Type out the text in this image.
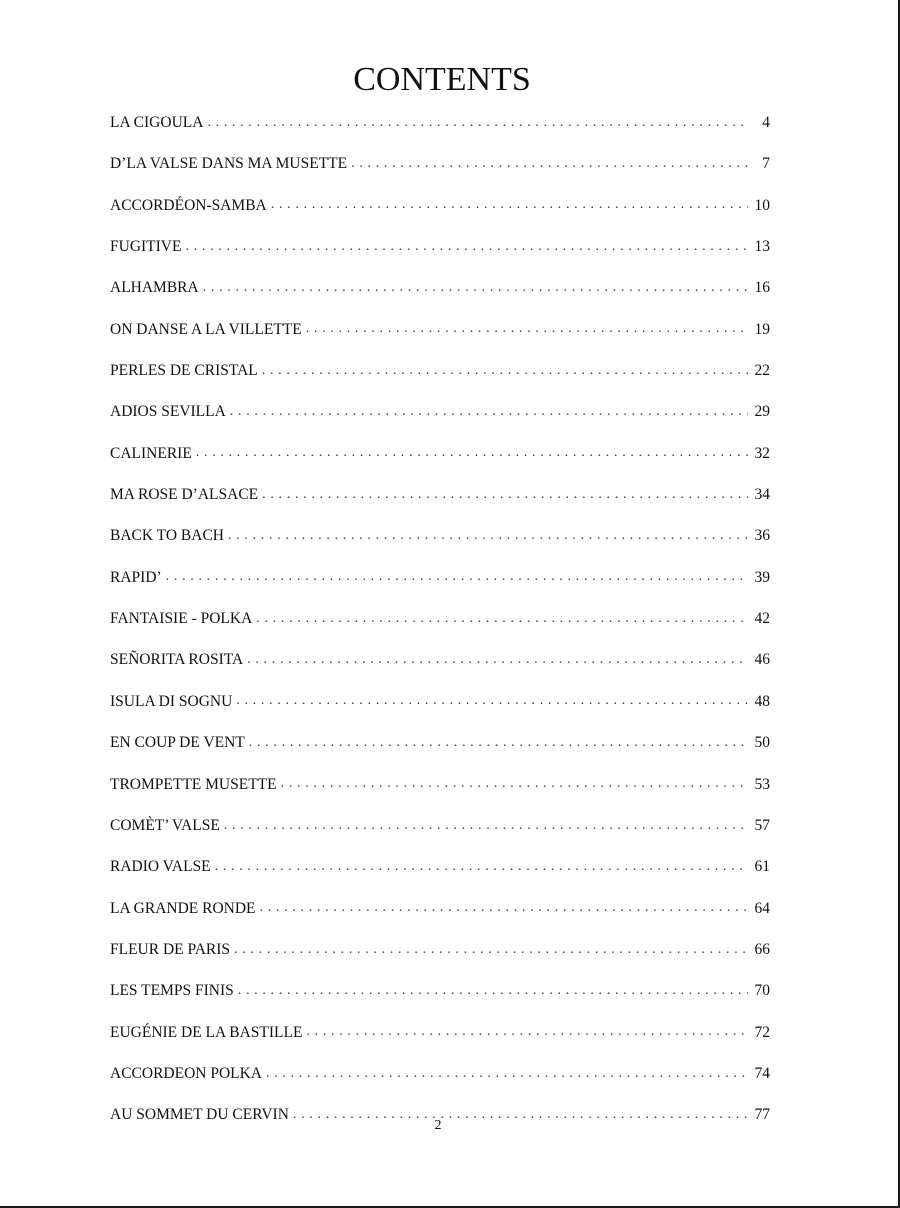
CONTENTS
LA CIGOULA . . .	4
D’LA VALSE DANS MA MUSETTE . . .	7
ACCORDÉON-SAMBA . . .	10
FUGITIVE . . .	13
ALHAMBRA . . .	16
ON DANSE A LA VILLETTE . . .	19
PERLES DE CRISTAL . . .	22
ADIOS SEVILLA . . .	29
CALINERIE . . .	32
MA ROSE D’ALSACE . . .	34
BACK TO BACH . . .	36
RAPID’ . . .	39
FANTAISIE - POLKA . . .	42
SEÑORITA ROSITA . . .	46
ISULA DI SOGNU . . .	48
EN COUP DE VENT . . .	50
TROMPETTE MUSETTE . . .	53
COMÈT’ VALSE . . .	57
RADIO VALSE . . .	61
LA GRANDE RONDE . . .	64
FLEUR DE PARIS . . .	66
LES TEMPS FINIS . . .	70
EUGÉNIE DE LA BASTILLE . . .	72
ACCORDEON POLKA . . .	74
AU SOMMET DU CERVIN . . .	77
2
